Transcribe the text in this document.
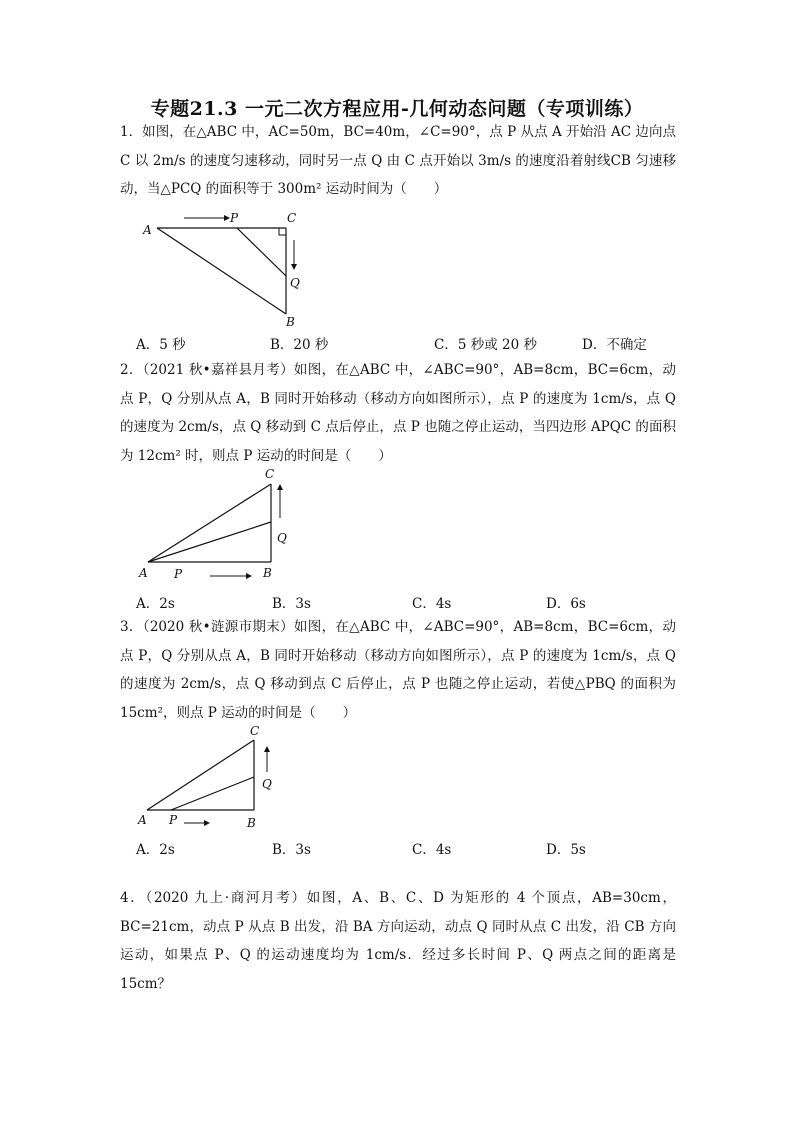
专题21.3 一元二次方程应用-几何动态问题（专项训练）
1．如图，在△ABC 中，AC=50m，BC=40m，∠C=90°，点 P 从点 A 开始沿 AC 边向点 C 以 2m/s 的速度匀速移动，同时另一点 Q 由 C 点开始以 3m/s 的速度沿着射线CB 匀速移动，当△PCQ 的面积等于 300m² 运动时间为（　　）
A
P	C
Q
B
A．5 秒	B．20 秒	C．5 秒或 20 秒	D．不确定
2．（2021 秋•嘉祥县月考）如图，在△ABC 中，∠ABC=90°，AB=8cm，BC=6cm，动点 P，Q 分别从点 A，B 同时开始移动（移动方向如图所示），点 P 的速度为 1cm/s，点 Q 的速度为 2cm/s，点 Q 移动到 C 点后停止，点 P 也随之停止运动，当四边形 APQC 的面积为 12cm² 时，则点 P 运动的时间是（　　）
C
Q
A P	B
A．2s	B．3s	C．4s	D．6s
3．（2020 秋•涟源市期末）如图，在△ABC 中，∠ABC=90°，AB=8cm，BC=6cm，动点 P，Q 分别从点 A，B 同时开始移动（移动方向如图所示），点 P 的速度为 1cm/s，点 Q 的速度为 2cm/s，点 Q 移动到点 C 后停止，点 P 也随之停止运动，若使△PBQ 的面积为 15cm²，则点 P 运动的时间是（　　）
C
Q
A P	B
A．2s	B．3s	C．4s	D．5s
4．（2020 九上·商河月考）如图，A、B、C、D 为矩形的 4 个顶点，AB=30cm，BC=21cm，动点 P 从点 B 出发，沿 BA 方向运动，动点 Q 同时从点 C 出发，沿 CB 方向运动，如果点 P、Q 的运动速度均为 1cm/s．经过多长时间 P、Q 两点之间的距离是 15cm？
